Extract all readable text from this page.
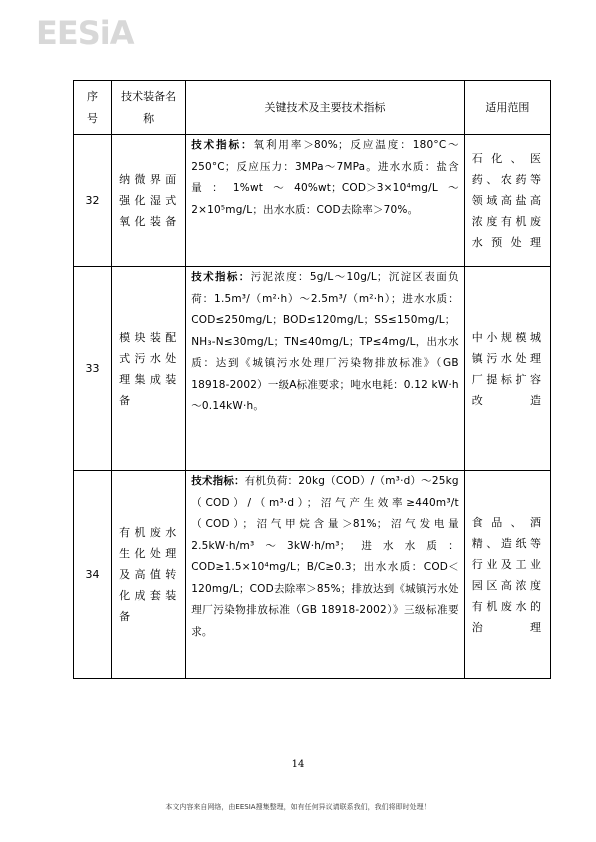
EESiA
序号	技术装备名称	关键技术及主要技术指标	适用范围
32	纳微界面强化湿式氧化装备	技术指标：氧利用率＞80%；反应温度：180°C～250°C；反应压力：3MPa～7MPa。进水水质：盐含量：1%wt～40%wt；COD＞3×10⁴mg/L～2×10⁵mg/L；出水水质：COD去除率＞70%。	石化、医药、农药等领域高盐高浓度有机废水预处理
33	模块装配式污水处理集成装备	技术指标：污泥浓度：5g/L～10g/L；沉淀区表面负荷：1.5m³/（m²·h）～2.5m³/（m²·h）；进水水质：COD≤250mg/L；BOD≤120mg/L；SS≤150mg/L；NH₃-N≤30mg/L；TN≤40mg/L；TP≤4mg/L，出水水质：达到《城镇污水处理厂污染物排放标准》（GB 18918-2002）一级A标准要求；吨水电耗：0.12 kW·h～0.14kW·h。	中小规模城镇污水处理厂提标扩容改造
34	有机废水生化处理及高值转化成套装备	技术指标：有机负荷：20kg（COD）/（m³·d）～25kg（COD）/（m³·d）；沼气产生效率≥440m³/t（COD）；沼气甲烷含量＞81%；沼气发电量2.5kW·h/m³～3kW·h/m³；进水水质：COD≥1.5×10⁴mg/L；B/C≥0.3；出水水质：COD＜120mg/L；COD去除率＞85%；排放达到《城镇污水处理厂污染物排放标准（GB 18918-2002）》三级标准要求。	食品、酒精、造纸等行业及工业园区高浓度有机废水的治理
14
本文内容来自网络，由EESIA搜集整理，如有任何异议请联系我们，我们将即时处理！
